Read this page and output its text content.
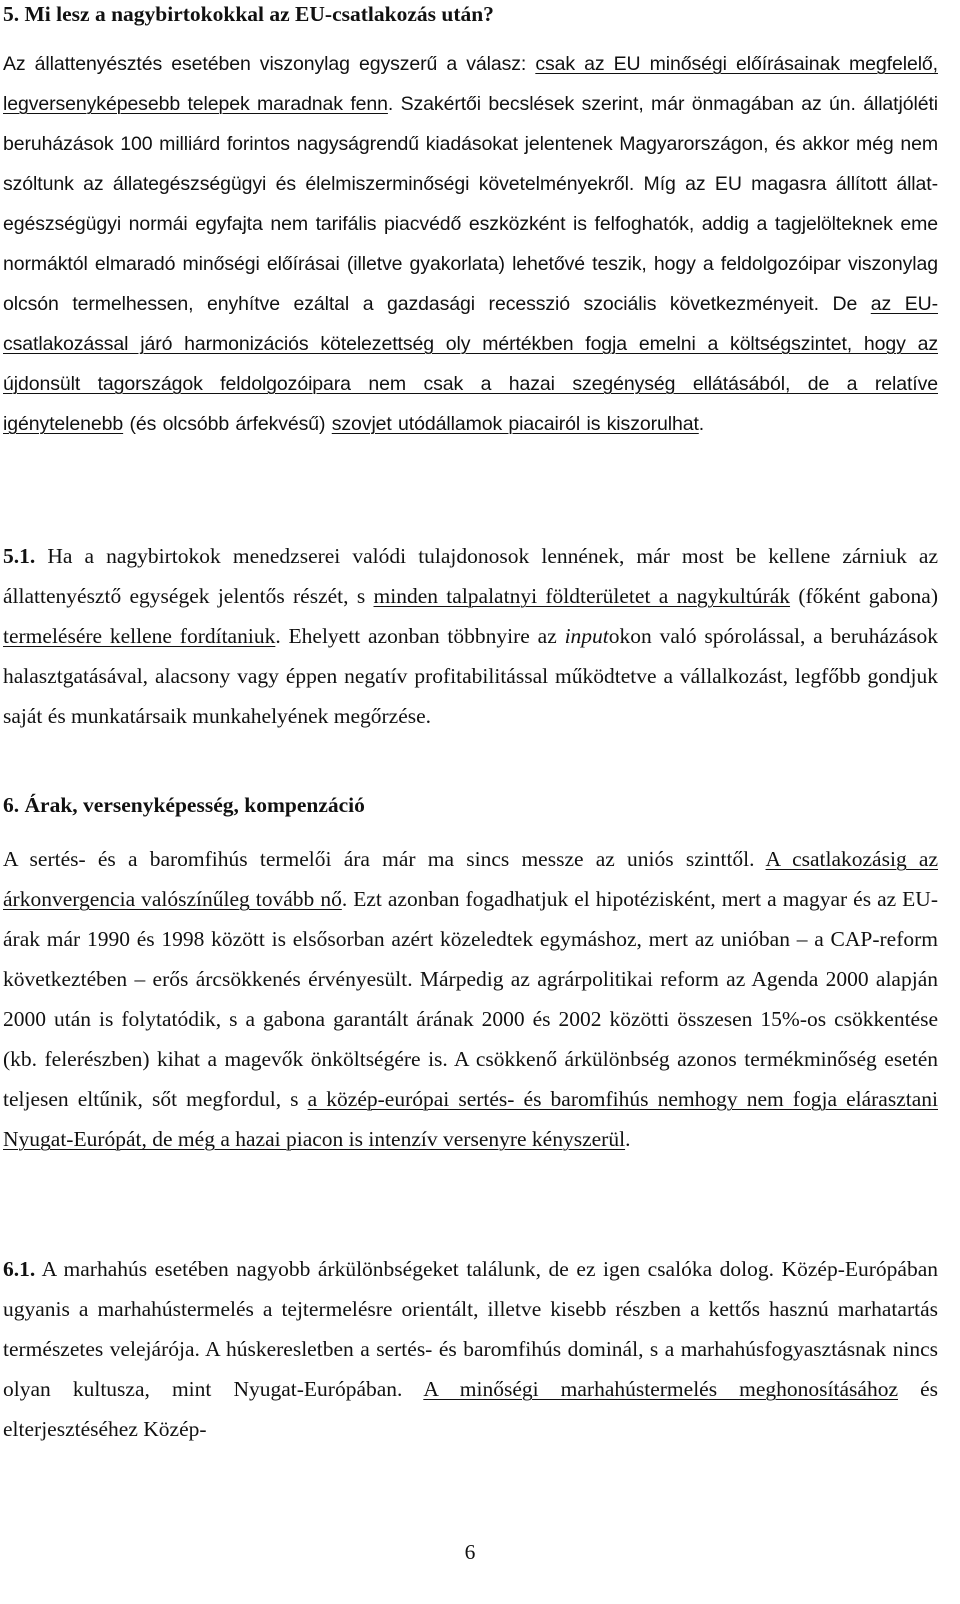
5. Mi lesz a nagybirtokokkal az EU-csatlakozás után?

Az állattenyésztés esetében viszonylag egyszerű a válasz: csak az EU minőségi előírásainak megfelelő, legversenyképesebb telepek maradnak fenn. Szakértői becslések szerint, már önmagában az ún. állatjóléti beruházások 100 milliárd forintos nagyságrendű kiadásokat jelentenek Magyarországon, és akkor még nem szóltunk az állategészségügyi és élelmiszerminőségi követelményekről. Míg az EU magasra állított állat-egészségügyi normái egyfajta nem tarifális piacvédő eszközként is felfoghatók, addig a tagjelölteknek eme normáktól elmaradó minőségi előírásai (illetve gyakorlata) lehetővé teszik, hogy a feldolgozóipar viszonylag olcsón termelhessen, enyhítve ezáltal a gazdasági recesszió szociális következményeit. De az EU-csatlakozással járó harmonizációs kötelezettség oly mértékben fogja emelni a költségszintet, hogy az újdonsült tagországok feldolgozóipara nem csak a hazai szegénység ellátásából, de a relatíve igénytelenebb (és olcsóbb árfekvésű) szovjet utódállamok piacairól is kiszorulhat.

5.1. Ha a nagybirtokok menedzserei valódi tulajdonosok lennének, már most be kellene zárniuk az állattenyésztő egységek jelentős részét, s minden talpalatnyi földterületet a nagykultúrák (főként gabona) termelésére kellene fordítaniuk. Ehelyett azonban többnyire az inputokon való spórolással, a beruházások halasztgatásával, alacsony vagy éppen negatív profitabilitással működtetve a vállalkozást, legfőbb gondjuk saját és munkatársaik munkahelyének megőrzése.

6. Árak, versenyképesség, kompenzáció

A sertés- és a baromfihús termelői ára már ma sincs messze az uniós szinttől. A csatlakozásig az árkonvergencia valószínűleg tovább nő. Ezt azonban fogadhatjuk el hipotézisként, mert a magyar és az EU-árak már 1990 és 1998 között is elsősorban azért közeledtek egymáshoz, mert az unióban – a CAP-reform következtében – erős árcsökkenés érvényesült. Márpedig az agrárpolitikai reform az Agenda 2000 alapján 2000 után is folytatódik, s a gabona garantált árának 2000 és 2002 közötti összesen 15%-os csökkentése (kb. felerészben) kihat a magevők önköltségére is. A csökkenő árkülönbség azonos termékminőség esetén teljesen eltűnik, sőt megfordul, s a közép-európai sertés- és baromfihús nemhogy nem fogja elárasztani Nyugat-Európát, de még a hazai piacon is intenzív versenyre kényszerül.

6.1. A marhahús esetében nagyobb árkülönbségeket találunk, de ez igen csalóka dolog. Közép-Európában ugyanis a marhahústermelés a tejtermelésre orientált, illetve kisebb részben a kettős hasznú marhatartás természetes velejárója. A húskeresletben a sertés- és baromfihús dominál, s a marhahúsfogyasztásnak nincs olyan kultusza, mint Nyugat-Európában. A minőségi marhahústermelés meghonosításához és elterjesztéséhez Közép-

6
